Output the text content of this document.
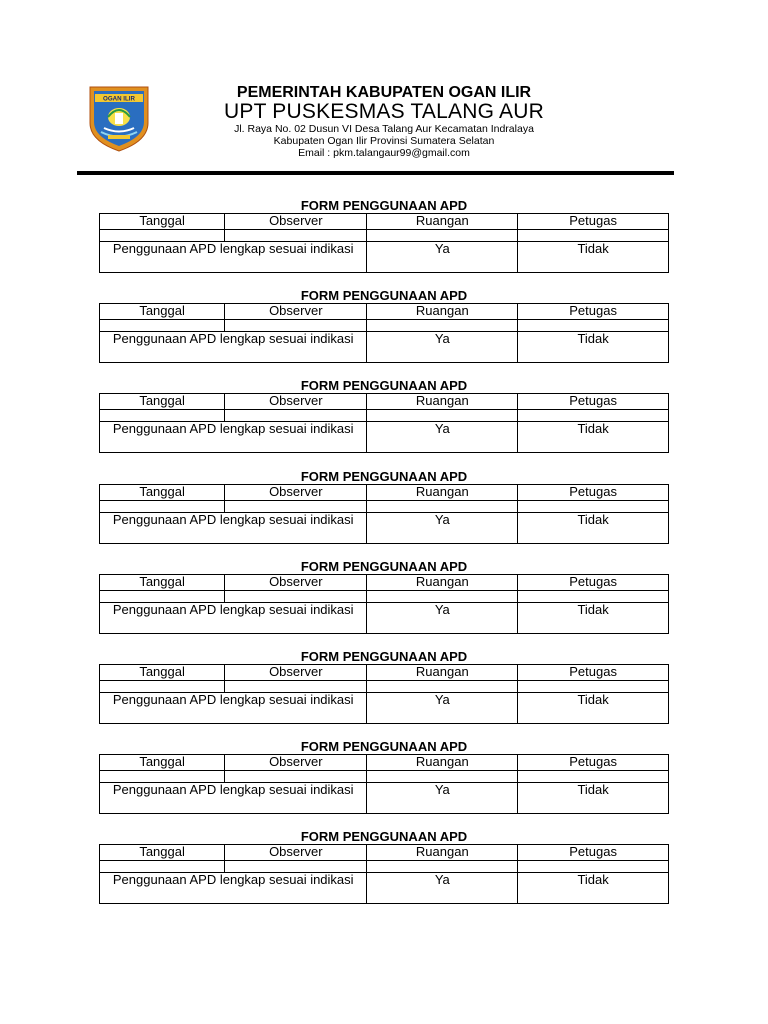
OGAN ILIR	PEMERINTAH KABUPATEN OGAN ILIR
UPT PUSKESMAS TALANG AUR
Jl. Raya No. 02 Dusun VI Desa Talang Aur Kecamatan Indralaya
Kabupaten Ogan Ilir Provinsi Sumatera Selatan
Email : pkm.talangaur99@gmail.com
FORM PENGGUNAAN APD
Tanggal	Observer	Ruangan	Petugas

Penggunaan APD lengkap sesuai indikasi		Ya	Tidak
FORM PENGGUNAAN APD
Tanggal	Observer	Ruangan	Petugas

Penggunaan APD lengkap sesuai indikasi		Ya	Tidak
FORM PENGGUNAAN APD
Tanggal	Observer	Ruangan	Petugas

Penggunaan APD lengkap sesuai indikasi		Ya	Tidak
FORM PENGGUNAAN APD
Tanggal	Observer	Ruangan	Petugas

Penggunaan APD lengkap sesuai indikasi		Ya	Tidak
FORM PENGGUNAAN APD
Tanggal	Observer	Ruangan	Petugas

Penggunaan APD lengkap sesuai indikasi		Ya	Tidak
FORM PENGGUNAAN APD
Tanggal	Observer	Ruangan	Petugas

Penggunaan APD lengkap sesuai indikasi		Ya	Tidak
FORM PENGGUNAAN APD
Tanggal	Observer	Ruangan	Petugas

Penggunaan APD lengkap sesuai indikasi		Ya	Tidak
FORM PENGGUNAAN APD
Tanggal	Observer	Ruangan	Petugas

Penggunaan APD lengkap sesuai indikasi		Ya	Tidak
